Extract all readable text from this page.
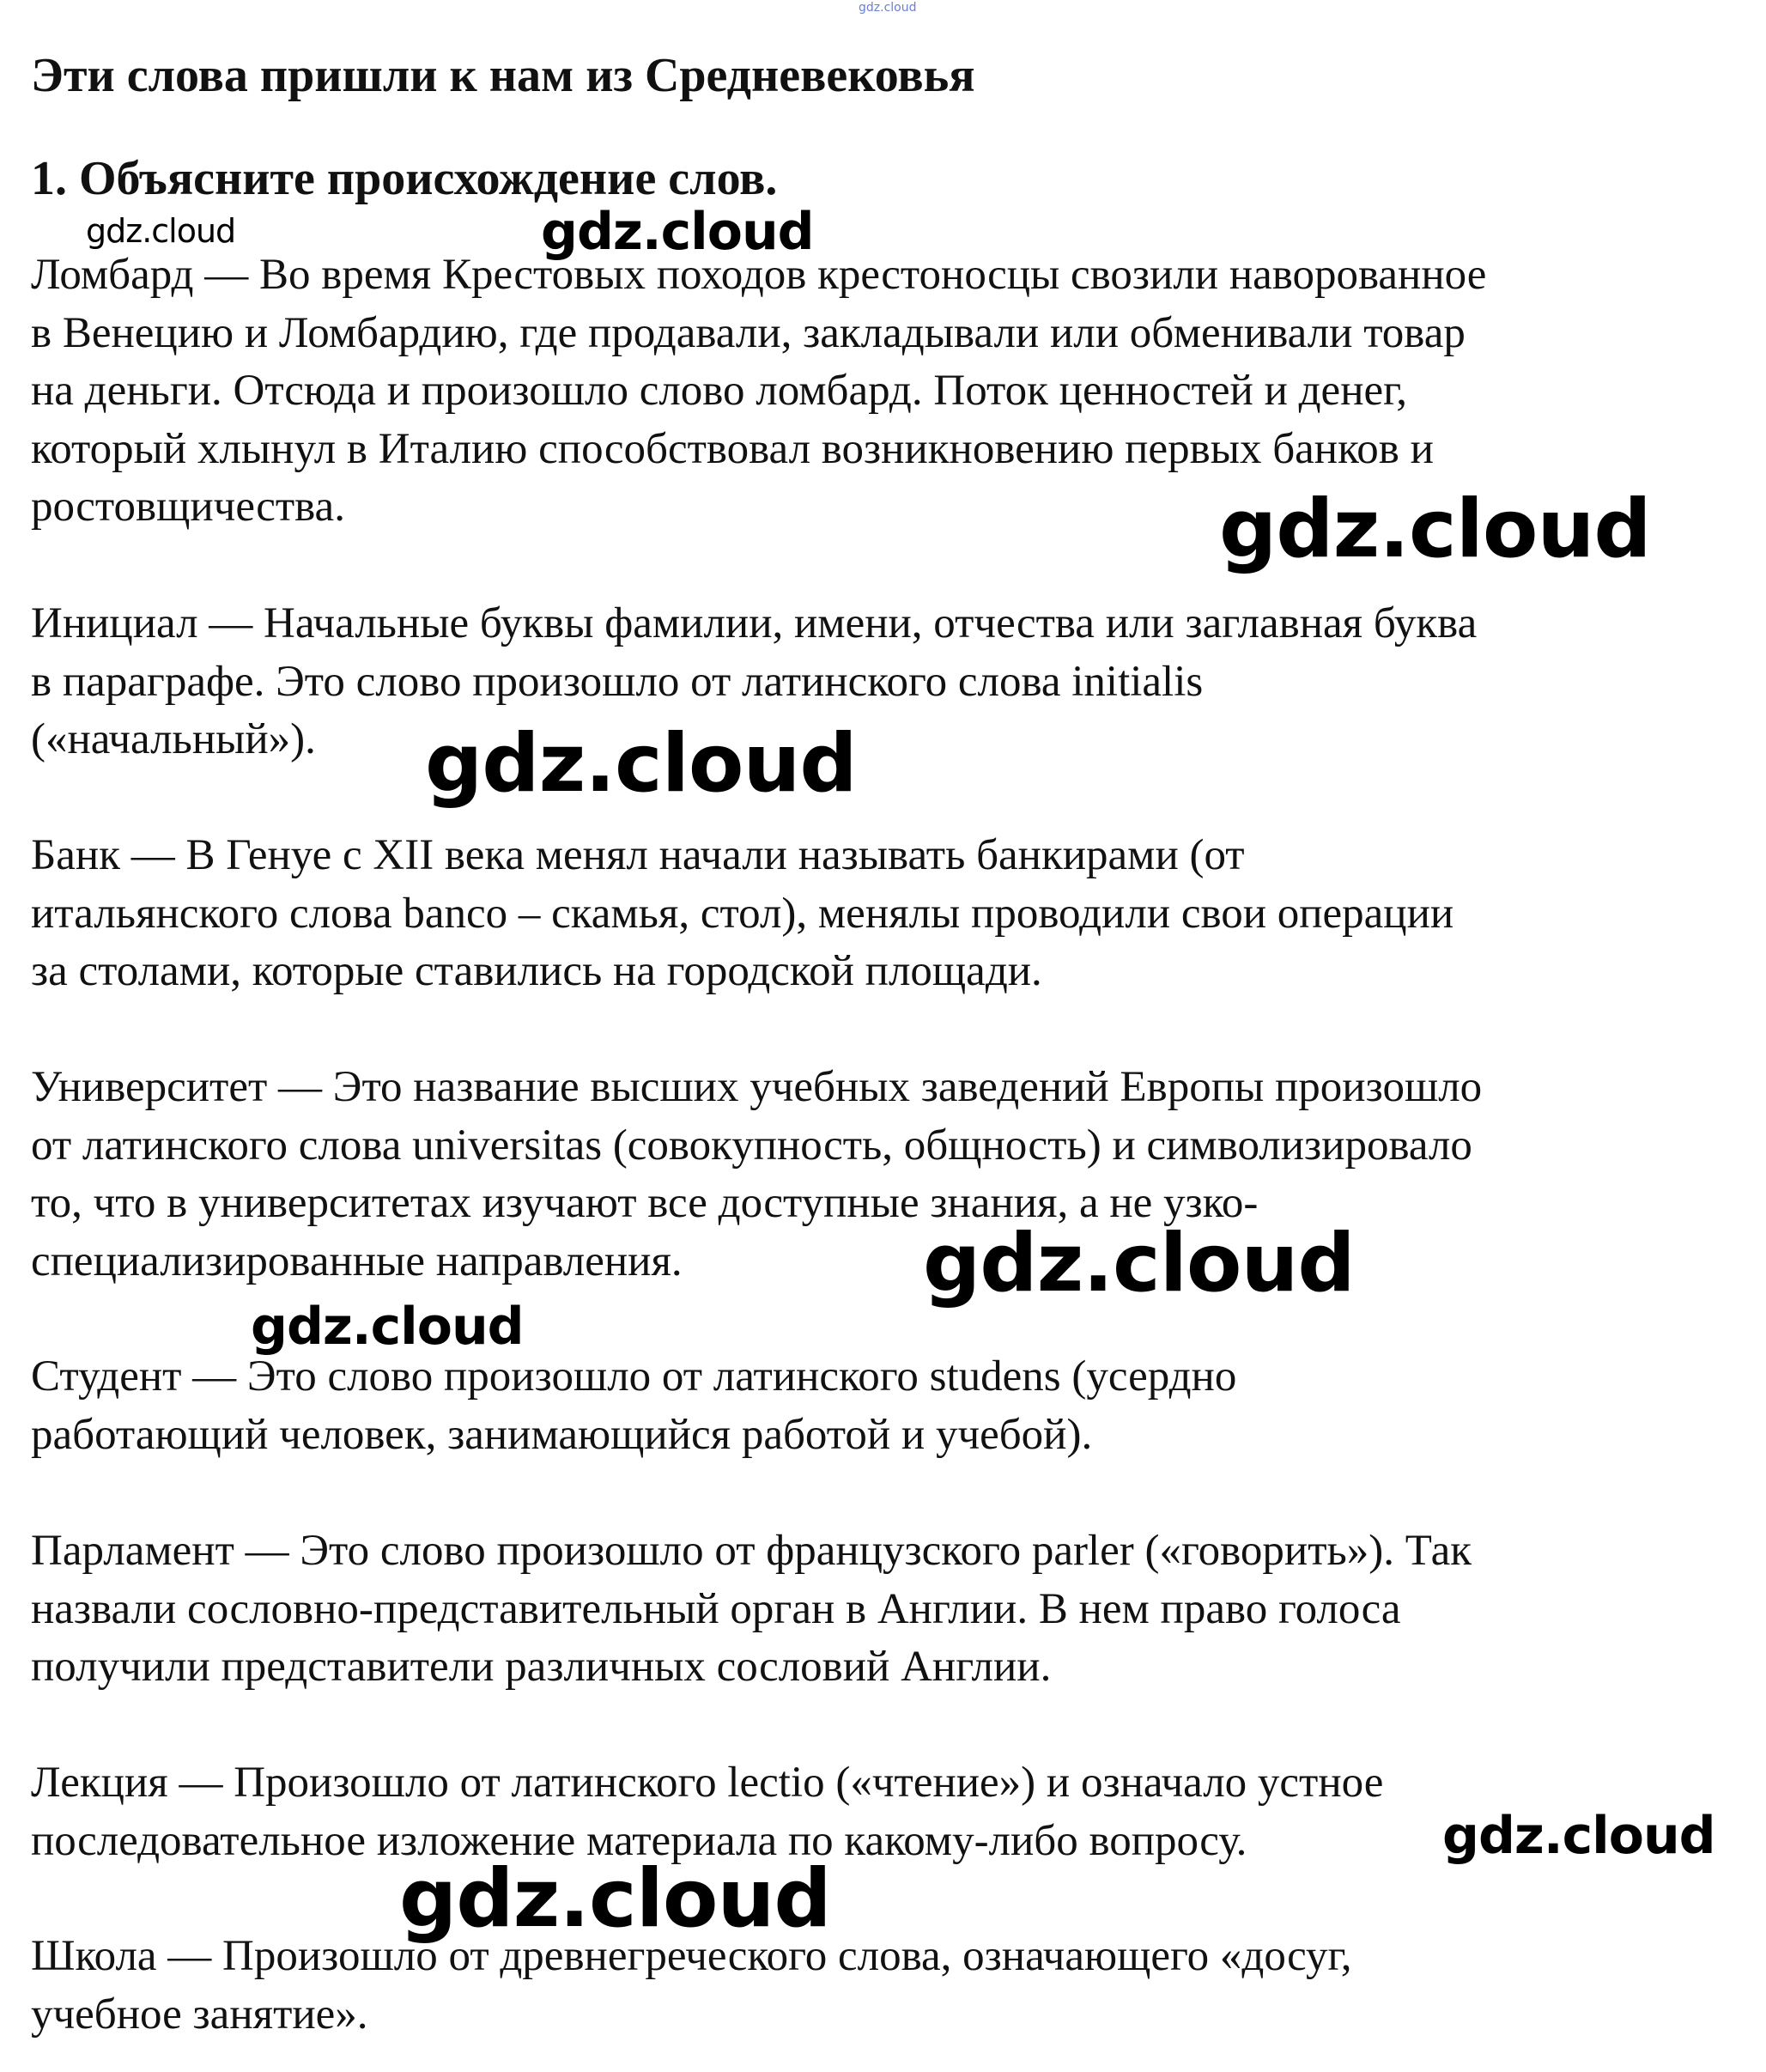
gdz.cloud
Эти слова пришли к нам из Средневековья
1. Объясните происхождение слов.
gdz.cloud	gdz.cloud
Ломбард — Во время Крестовых походов крестоносцы свозили наворованное
в Венецию и Ломбардию, где продавали, закладывали или обменивали товар
на деньги. Отсюда и произошло слово ломбард. Поток ценностей и денег,
который хлынул в Италию способствовал возникновению первых банков и
ростовщичества.	gdz.cloud
Инициал — Начальные буквы фамилии, имени, отчества или заглавная буква
в параграфе. Это слово произошло от латинского слова initialis
(«начальный»).	gdz.cloud
Банк — В Генуе с XII века менял начали называть банкирами (от
итальянского слова banco – скамья, стол), менялы проводили свои операции
за столами, которые ставились на городской площади.
Университет — Это название высших учебных заведений Европы произошло
от латинского слова universitas (совокупность, общность) и символизировало
то, что в университетах изучают все доступные знания, а не узко-
специализированные направления.	gdz.cloud
gdz.cloud
Студент — Это слово произошло от латинского studens (усердно
работающий человек, занимающийся работой и учебой).
Парламент — Это слово произошло от французского parler («говорить»). Так
назвали сословно-представительный орган в Англии. В нем право голоса
получили представители различных сословий Англии.
Лекция — Произошло от латинского lectio («чтение») и означало устное
последовательное изложение материала по какому-либо вопросу.	gdz.cloud
gdz.cloud
Школа — Произошло от древнегреческого слова, означающего «досуг,
учебное занятие».
